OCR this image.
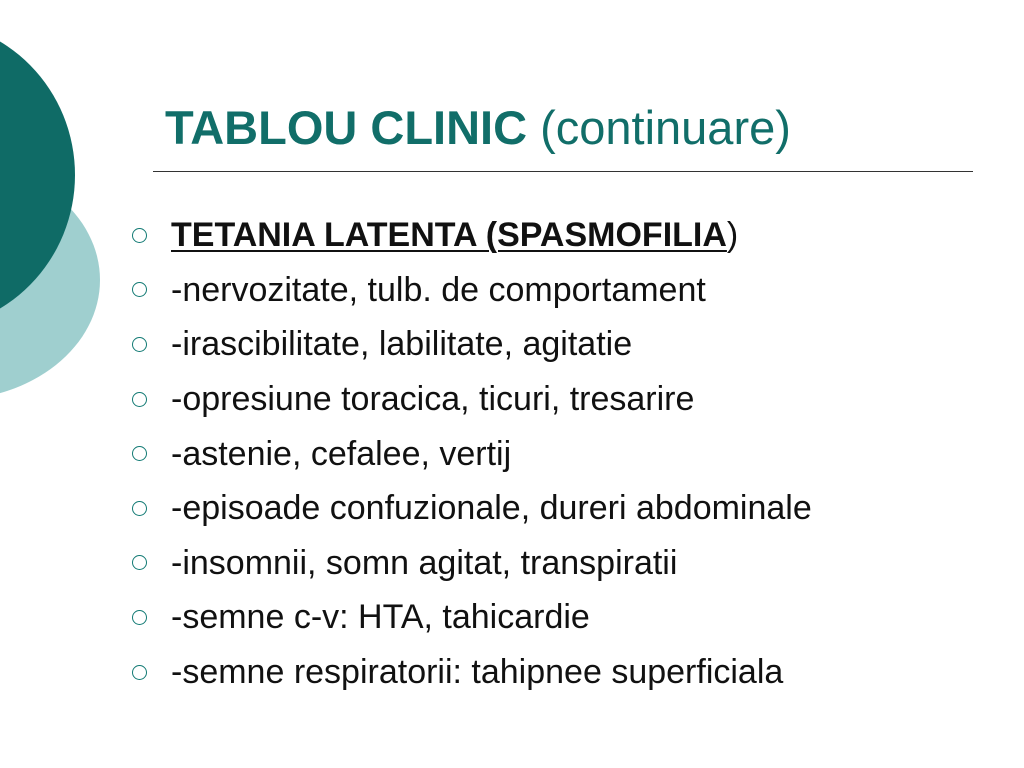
TABLOU CLINIC (continuare)
TETANIA LATENTA (SPASMOFILIA)
-nervozitate, tulb. de comportament
-irascibilitate, labilitate, agitatie
-opresiune toracica, ticuri, tresarire
-astenie, cefalee, vertij
-episoade confuzionale, dureri abdominale
-insomnii, somn agitat, transpiratii
-semne c-v: HTA, tahicardie
-semne respiratorii: tahipnee superficiala
